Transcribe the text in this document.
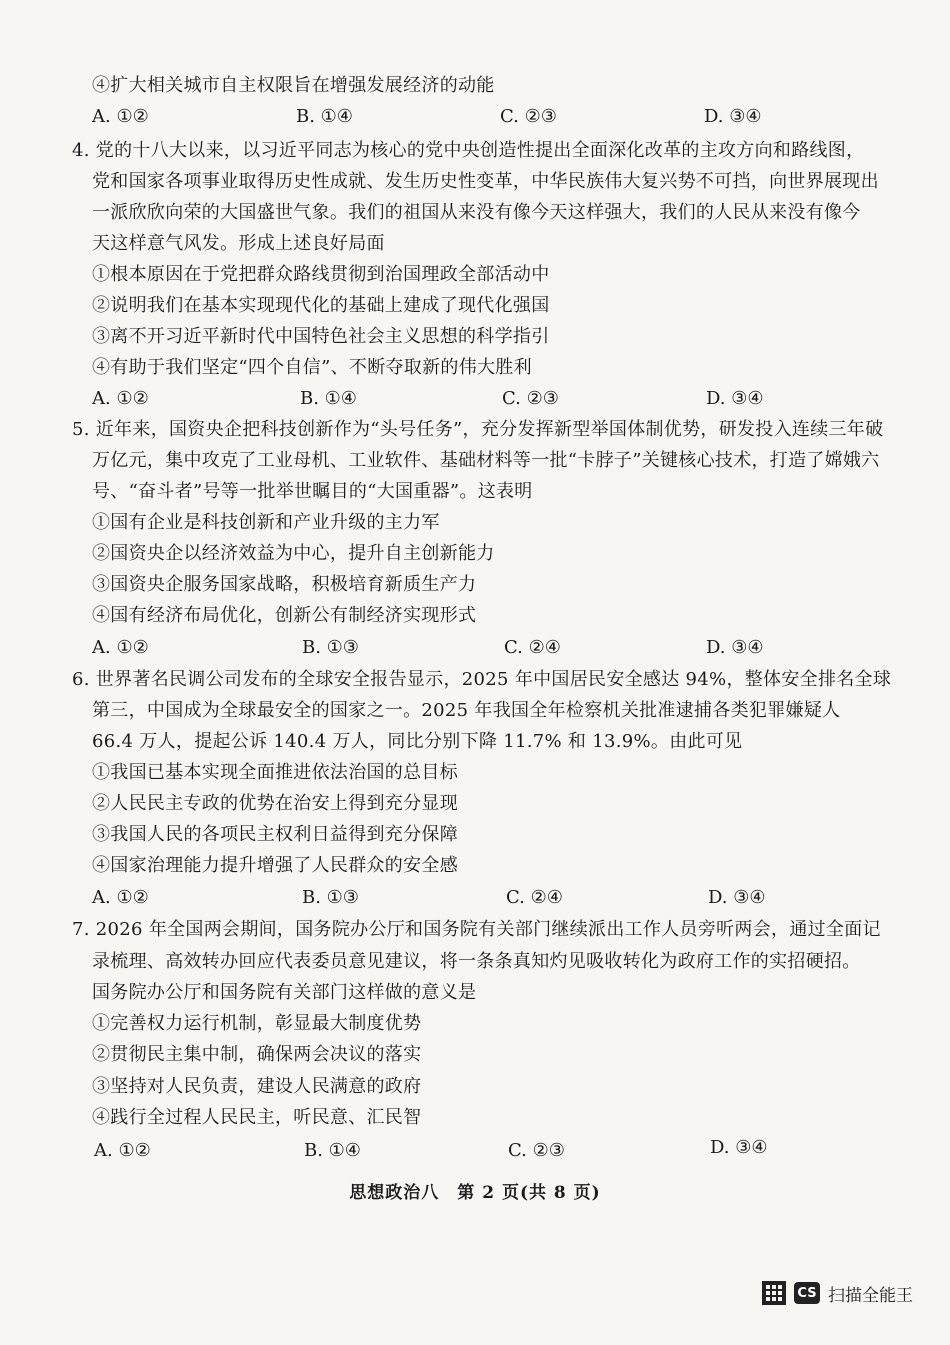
④扩大相关城市自主权限旨在增强发展经济的动能
A. ①②	B. ①④	C. ②③	D. ③④
4. 党的十八大以来，以习近平同志为核心的党中央创造性提出全面深化改革的主攻方向和路线图，
党和国家各项事业取得历史性成就、发生历史性变革，中华民族伟大复兴势不可挡，向世界展现出
一派欣欣向荣的大国盛世气象。我们的祖国从来没有像今天这样强大，我们的人民从来没有像今
天这样意气风发。形成上述良好局面
①根本原因在于党把群众路线贯彻到治国理政全部活动中
②说明我们在基本实现现代化的基础上建成了现代化强国
③离不开习近平新时代中国特色社会主义思想的科学指引
④有助于我们坚定“四个自信”、不断夺取新的伟大胜利
A. ①②	B. ①④	C. ②③	D. ③④
5. 近年来，国资央企把科技创新作为“头号任务”，充分发挥新型举国体制优势，研发投入连续三年破
万亿元，集中攻克了工业母机、工业软件、基础材料等一批“卡脖子”关键核心技术，打造了嫦娥六
号、“奋斗者”号等一批举世瞩目的“大国重器”。这表明
①国有企业是科技创新和产业升级的主力军
②国资央企以经济效益为中心，提升自主创新能力
③国资央企服务国家战略，积极培育新质生产力
④国有经济布局优化，创新公有制经济实现形式
A. ①②	B. ①③	C. ②④	D. ③④
6. 世界著名民调公司发布的全球安全报告显示，2025 年中国居民安全感达 94%，整体安全排名全球
第三，中国成为全球最安全的国家之一。2025 年我国全年检察机关批准逮捕各类犯罪嫌疑人
66.4 万人，提起公诉 140.4 万人，同比分别下降 11.7% 和 13.9%。由此可见
①我国已基本实现全面推进依法治国的总目标
②人民民主专政的优势在治安上得到充分显现
③我国人民的各项民主权利日益得到充分保障
④国家治理能力提升增强了人民群众的安全感
A. ①②	B. ①③	C. ②④	D. ③④
7. 2026 年全国两会期间，国务院办公厅和国务院有关部门继续派出工作人员旁听两会，通过全面记
录梳理、高效转办回应代表委员意见建议，将一条条真知灼见吸收转化为政府工作的实招硬招。
国务院办公厅和国务院有关部门这样做的意义是
①完善权力运行机制，彰显最大制度优势
②贯彻民主集中制，确保两会决议的落实
③坚持对人民负责，建设人民满意的政府
④践行全过程人民民主，听民意、汇民智
A. ①②	B. ①④	C. ②③	D. ③④
思想政治八　第 2 页(共 8 页)
CS 扫描全能王
